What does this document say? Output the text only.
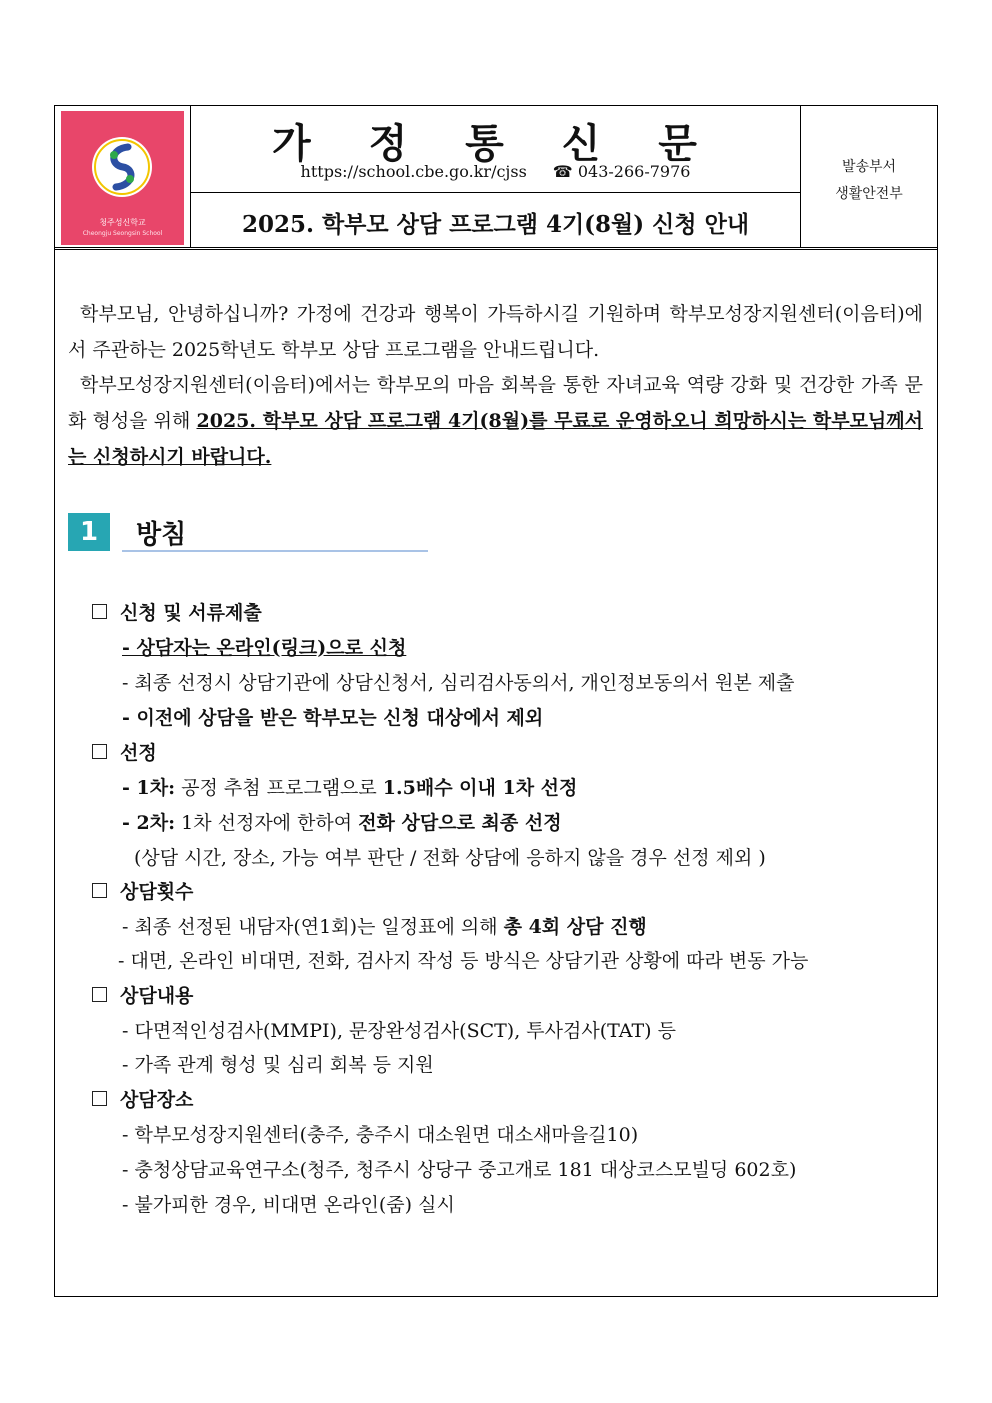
청주성신학교
Cheongju Seongsin School
가 정 통 신 문
https://school.cbe.go.kr/cjss ☎ 043-266-7976
2025. 학부모 상담 프로그램 4기(8월) 신청 안내
발송부서
생활안전부

학부모님, 안녕하십니까? 가정에 건강과 행복이 가득하시길 기원하며 학부모성장지원센터(이음터)에서 주관하는 2025학년도 학부모 상담 프로그램을 안내드립니다.

학부모성장지원센터(이음터)에서는 학부모의 마음 회복을 통한 자녀교육 역량 강화 및 건강한 가족 문화 형성을 위해 2025. 학부모 상담 프로그램 4기(8월)를 무료로 운영하오니 희망하시는 학부모님께서는 신청하시기 바랍니다.

1	방침
신청 및 서류제출
- 상담자는 온라인(링크)으로 신청
- 최종 선정시 상담기관에 상담신청서, 심리검사동의서, 개인정보동의서 원본 제출
- 이전에 상담을 받은 학부모는 신청 대상에서 제외
선정
- 1차: 공정 추첨 프로그램으로 1.5배수 이내 1차 선정
- 2차: 1차 선정자에 한하여 전화 상담으로 최종 선정
(상담 시간, 장소, 가능 여부 판단 / 전화 상담에 응하지 않을 경우 선정 제외 )
상담횟수
- 최종 선정된 내담자(연1회)는 일정표에 의해 총 4회 상담 진행
- 대면, 온라인 비대면, 전화, 검사지 작성 등 방식은 상담기관 상황에 따라 변동 가능
상담내용
- 다면적인성검사(MMPI), 문장완성검사(SCT), 투사검사(TAT) 등
- 가족 관계 형성 및 심리 회복 등 지원
상담장소
- 학부모성장지원센터(충주, 충주시 대소원면 대소새마을길10)
- 충청상담교육연구소(청주, 청주시 상당구 중고개로 181 대상코스모빌딩 602호)
- 불가피한 경우, 비대면 온라인(줌) 실시
